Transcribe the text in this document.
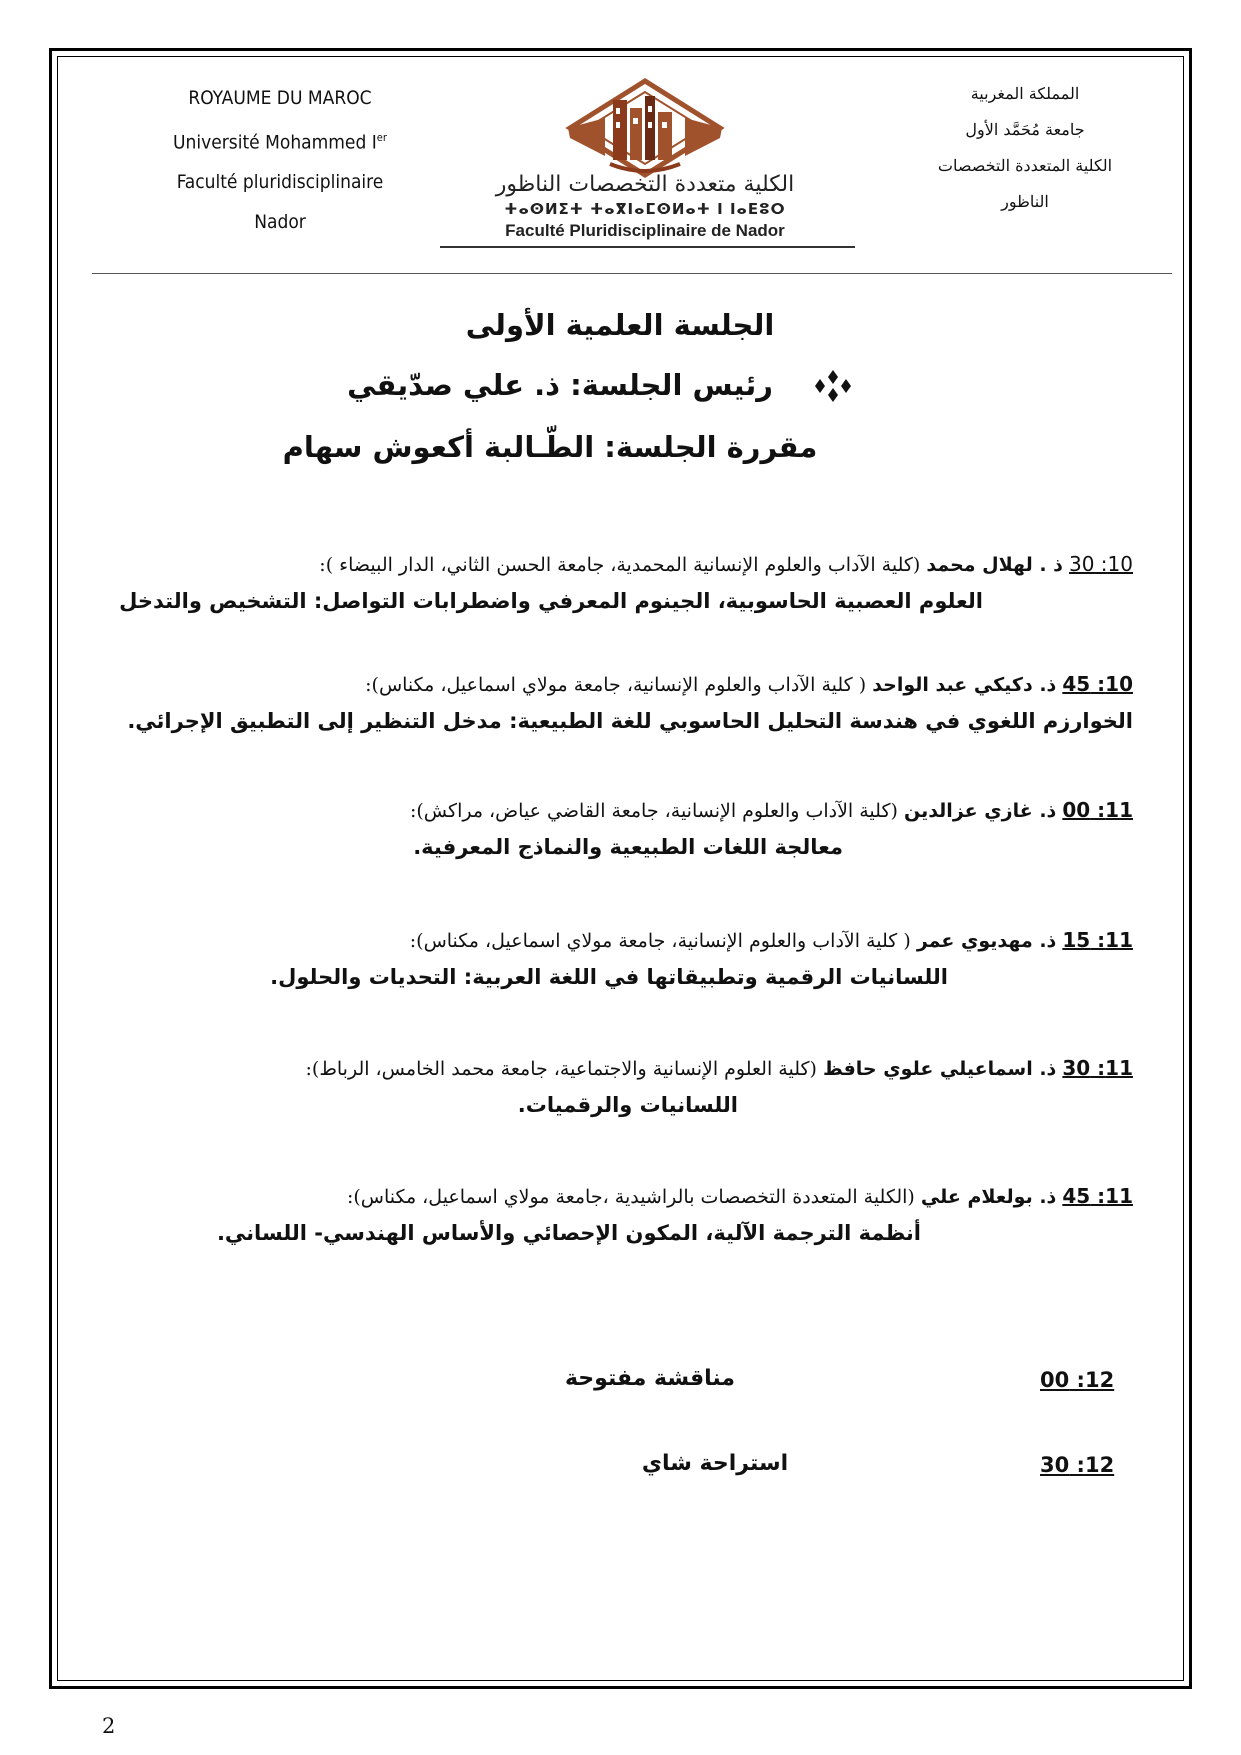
ROYAUME DU MAROC
Université Mohammed Ier
Faculté pluridisciplinaire
Nador
المملكة المغربية
جامعة مُحَمَّد الأول
الكلية المتعددة التخصصات
الناظور
الكلية متعددة التخصصات الناظور
ⵜⴰⵙⵍⵉⵜ ⵜⴰⴳⵏⴰⵎⵙⵍⴰⵜ ⵏ ⵏⴰⴹⵓⵔ
Faculté Pluridisciplinaire de Nador
الجلسة العلمية الأولى
رئيس الجلسة: ذ. علي صدّيقي
مقررة الجلسة: الطّـالبة أكعوش سهام
10: 30 ذ . لهلال محمد (كلية الآداب والعلوم الإنسانية المحمدية، جامعة الحسن الثاني، الدار البيضاء ):
العلوم العصبية الحاسوبية، الجينوم المعرفي واضطرابات التواصل: التشخيص والتدخل
10: 45 ذ. دكيكي عبد الواحد ( كلية الآداب والعلوم الإنسانية، جامعة مولاي اسماعيل، مكناس):
الخوارزم اللغوي في هندسة التحليل الحاسوبي للغة الطبيعية: مدخل التنظير إلى التطبيق الإجرائي.
11: 00 ذ. غازي عزالدين (كلية الآداب والعلوم الإنسانية، جامعة القاضي عياض، مراكش):
معالجة اللغات الطبيعية والنماذج المعرفية.
11: 15 ذ. مهديوي عمر ( كلية الآداب والعلوم الإنسانية، جامعة مولاي اسماعيل، مكناس):
اللسانيات الرقمية وتطبيقاتها في اللغة العربية: التحديات والحلول.
11: 30 ذ. اسماعيلي علوي حافظ (كلية العلوم الإنسانية والاجتماعية، جامعة محمد الخامس، الرباط):
اللسانيات والرقميات.
11: 45 ذ. بولعلام علي (الكلية المتعددة التخصصات بالراشيدية ،جامعة مولاي اسماعيل، مكناس):
أنظمة الترجمة الآلية، المكون الإحصائي والأساس الهندسي- اللساني.
12: 00
مناقشة مفتوحة
12: 30
استراحة شاي
2
